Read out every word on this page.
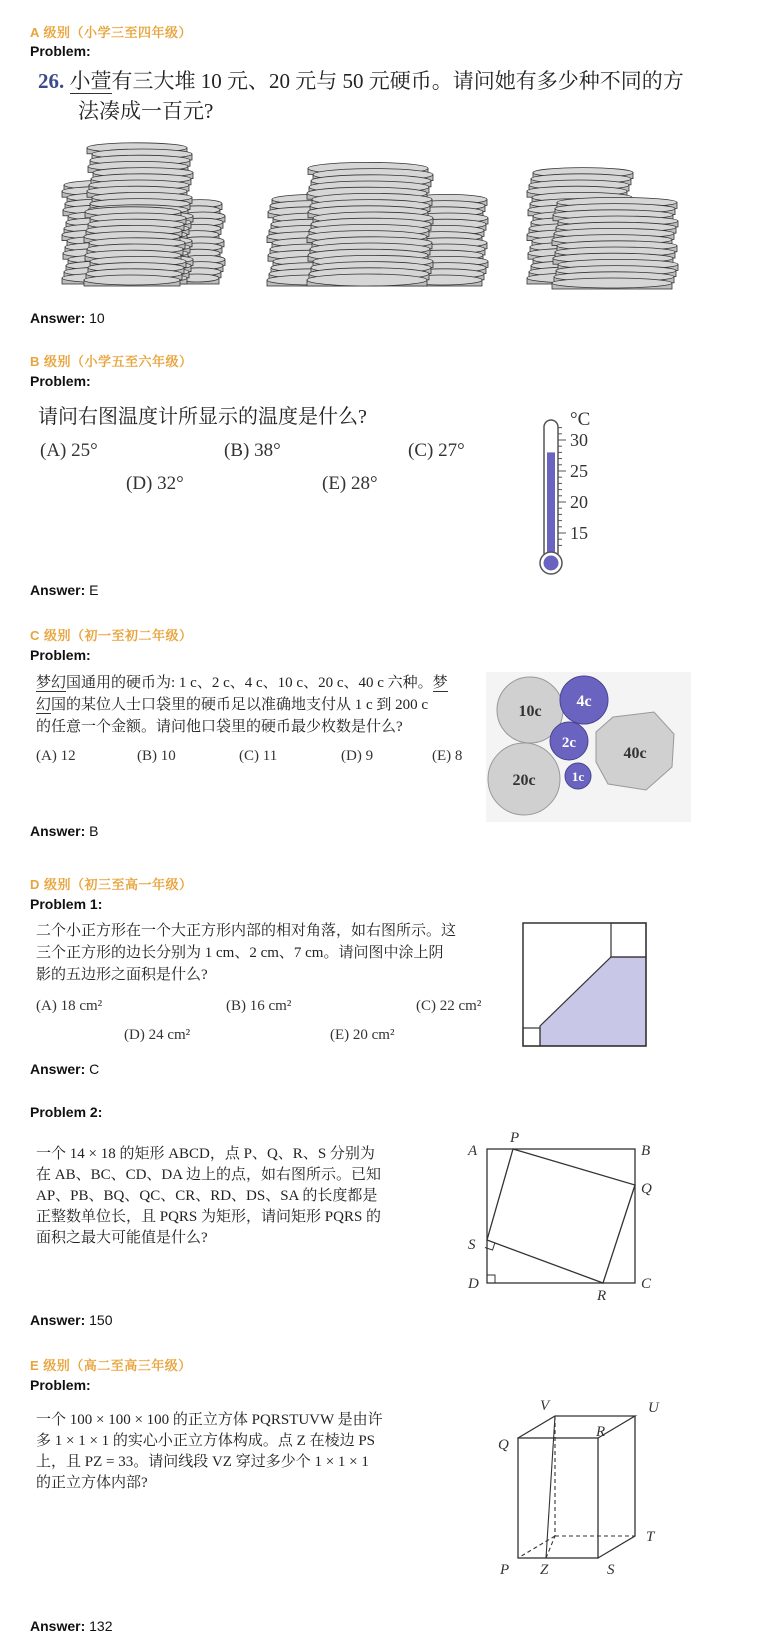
A 级别（小学三至四年级）
Problem:
26. 小萱有三大堆 10 元、20 元与 50 元硬币。请问她有多少种不同的方
法凑成一百元?
Answer: 10
B 级别（小学五至六年级）
Problem:
请问右图温度计所显示的温度是什么?
(A) 25°	(B) 38°	(C) 27°
(D) 32°	(E) 28°
°C
30
25
20
15
Answer: E
C 级别（初一至初二年级）
Problem:
梦幻国通用的硬币为: 1 c、2 c、4 c、10 c、20 c、40 c 六种。梦
幻国的某位人士口袋里的硬币足以准确地支付从 1 c 到 200 c
的任意一个金额。请问他口袋里的硬币最少枚数是什么?
(A) 12	(B) 10	(C) 11	(D) 9	(E) 8
10c
4c
2c
40c
20c	1c
Answer: B
D 级别（初三至高一年级）
Problem 1:
二个小正方形在一个大正方形内部的相对角落，如右图所示。这
三个正方形的边长分别为 1 cm、2 cm、7 cm。请问图中涂上阴
影的五边形之面积是什么?
(A) 18 cm²	(B) 16 cm²	(C) 22 cm²
(D) 24 cm²	(E) 20 cm²
Answer: C
Problem 2:
一个 14 × 18 的矩形 ABCD，点 P、Q、R、S 分别为
在 AB、BC、CD、DA 边上的点，如右图所示。已知
AP、PB、BQ、QC、CR、RD、DS、SA 的长度都是
正整数单位长，且 PQRS 为矩形，请问矩形 PQRS 的
面积之最大可能值是什么?
A
P
B
Q
S
D
R
C
Answer: 150
E 级别（高二至高三年级）
Problem:
一个 100 × 100 × 100 的正立方体 PQRSTUVW 是由许
多 1 × 1 × 1 的实心小正立方体构成。点 Z 在棱边 PS
上，且 PZ = 33。请问线段 VZ 穿过多少个 1 × 1 × 1
的正立方体内部?
V	U
Q
R
T
P Z	S
Answer: 132
